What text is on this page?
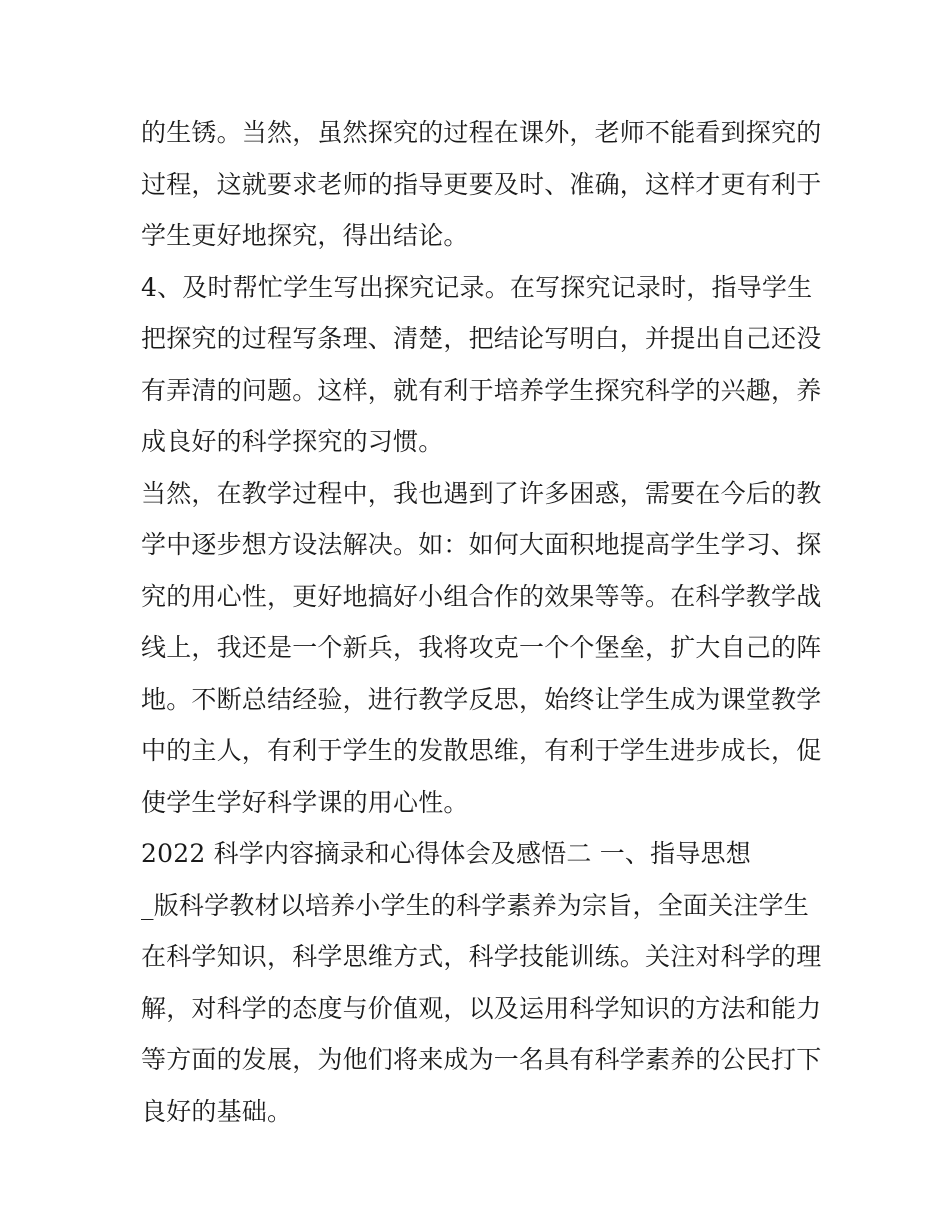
的生锈。当然，虽然探究的过程在课外，老师不能看到探究的
过程，这就要求老师的指导更要及时、准确，这样才更有利于
学生更好地探究，得出结论。
4、及时帮忙学生写出探究记录。在写探究记录时，指导学生
把探究的过程写条理、清楚，把结论写明白，并提出自己还没
有弄清的问题。这样，就有利于培养学生探究科学的兴趣，养
成良好的科学探究的习惯。
当然，在教学过程中，我也遇到了许多困惑，需要在今后的教
学中逐步想方设法解决。如：如何大面积地提高学生学习、探
究的用心性，更好地搞好小组合作的效果等等。在科学教学战
线上，我还是一个新兵，我将攻克一个个堡垒，扩大自己的阵
地。不断总结经验，进行教学反思，始终让学生成为课堂教学
中的主人，有利于学生的发散思维，有利于学生进步成长，促
使学生学好科学课的用心性。
2022 科学内容摘录和心得体会及感悟二 一、指导思想
_版科学教材以培养小学生的科学素养为宗旨，全面关注学生
在科学知识，科学思维方式，科学技能训练。关注对科学的理
解，对科学的态度与价值观，以及运用科学知识的方法和能力
等方面的发展，为他们将来成为一名具有科学素养的公民打下
良好的基础。
